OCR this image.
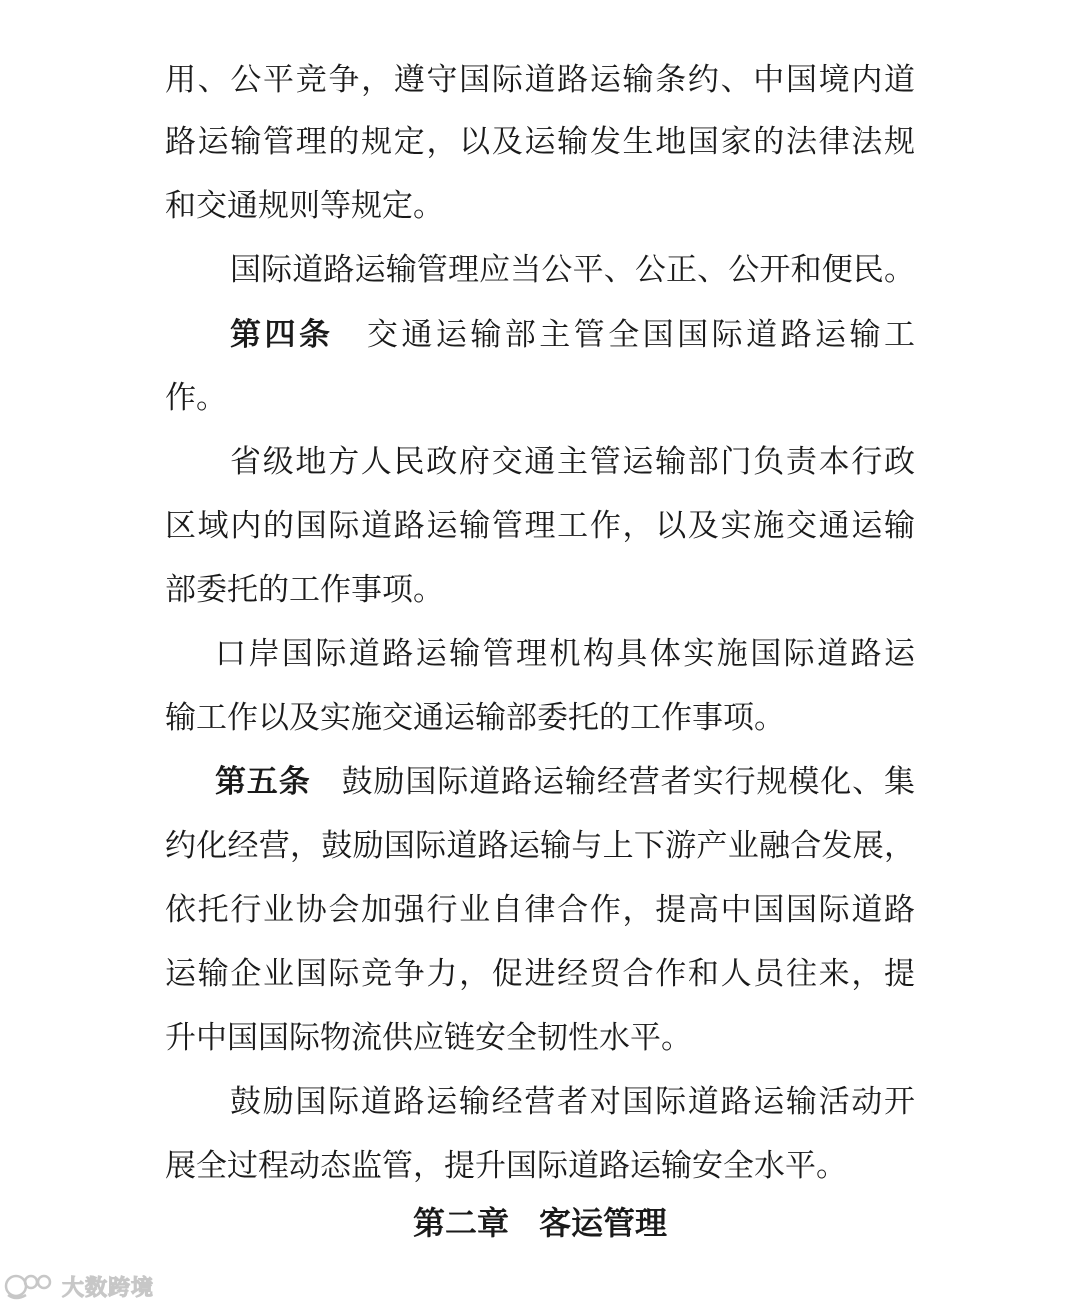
用、公平竞争，遵守国际道路运输条约、中国境内道
路运输管理的规定，以及运输发生地国家的法律法规
和交通规则等规定。
国际道路运输管理应当公平、公正、公开和便民。
第四条 交通运输部主管全国国际道路运输工
作。
省级地方人民政府交通主管运输部门负责本行政
区域内的国际道路运输管理工作，以及实施交通运输
部委托的工作事项。
口岸国际道路运输管理机构具体实施国际道路运
输工作以及实施交通运输部委托的工作事项。
第五条 鼓励国际道路运输经营者实行规模化、集
约化经营，鼓励国际道路运输与上下游产业融合发展，
依托行业协会加强行业自律合作，提高中国国际道路
运输企业国际竞争力，促进经贸合作和人员往来，提
升中国国际物流供应链安全韧性水平。
鼓励国际道路运输经营者对国际道路运输活动开
展全过程动态监管，提升国际道路运输安全水平。
第二章 客运管理
大数跨境
